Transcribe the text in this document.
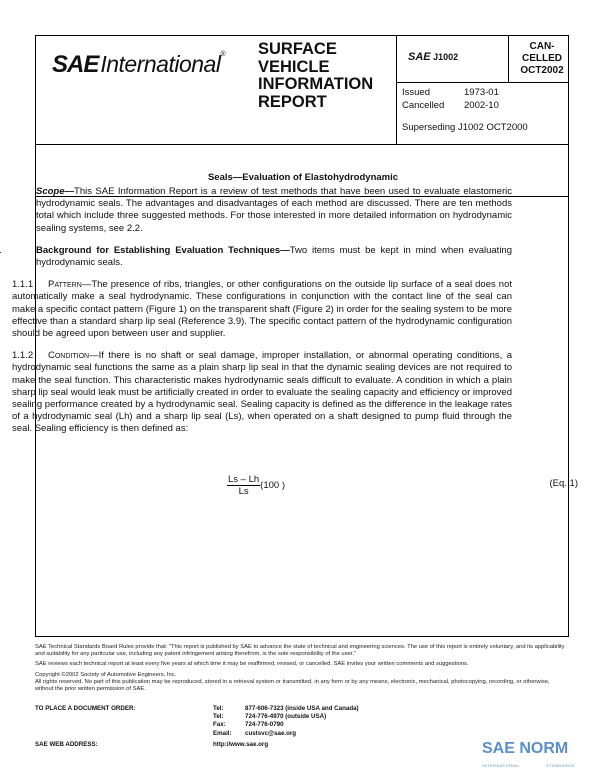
SAEInternational® SURFACE
VEHICLE
INFORMATION
REPORT
SAE J1002
CAN-
CELLED
OCT2002
Issued	1973-01
Cancelled 2002-10
Superseding J1002 OCT2000
Seals—Evaluation of Elastohydrodynamic

Scope—This SAE Information Report is a review of test methods that have been used to evaluate elastomeric hydrodynamic seals. The advantages and disadvantages of each method are discussed. There are ten methods total which include three suggested methods. For those interested in more detailed information on hydrodynamic sealing systems, see 2.2.

Background for Establishing Evaluation Techniques—Two items must be kept in mind when evaluating hydrodynamic seals.

1.1.1 Pattern—The presence of ribs, triangles, or other configurations on the outside lip surface of a seal does not automatically make a seal hydrodynamic. These configurations in conjunction with the contact line of the seal can make a specific contact pattern (Figure 1) on the transparent shaft (Figure 2) in order for the sealing system to be more effective than a standard sharp lip seal (Reference 3.9). The specific contact pattern of the hydrodynamic configuration should be agreed upon between user and supplier.

1.1.2 Condition—If there is no shaft or seal damage, improper installation, or abnormal operating conditions, a hydrodynamic seal functions the same as a plain sharp lip seal in that the dynamic sealing devices are not required to make the seal function. This characteristic makes hydrodynamic seals difficult to evaluate. A condition in which a plain sharp lip seal would leak must be artificially created in order to evaluate the sealing capacity and efficiency or improved sealing performance created by a hydrodynamic seal. Sealing capacity is defined as the difference in the leakage rates of a hydrodynamic seal (Lh) and a sharp lip seal (Ls), when operated on a shaft designed to pump fluid through the seal. Sealing efficiency is then defined as:

$\frac{Ls - Lh}{Ls} (100$ )	(Eq. 1)

SAE Technical Standards Board Rules provide that: "This report is published by SAE to advance the state of technical and engineering sciences. The use of this report is entirely voluntary, and its applicability and suitability for any particular use, including any patent infringement arising therefrom, is the sole responsibility of the user."

SAE reviews each technical report at least every five years at which time it may be reaffirmed, revised, or cancelled. SAE invites your written comments and suggestions.

Copyright ©2002 Society of Automotive Engineers, Inc.

All rights reserved. No part of this publication may be reproduced, stored in a retrieval system or transmitted, in any form or by any means, electronic, mechanical, photocopying, recording, or otherwise, without the prior written permission of SAE.

TO PLACE A DOCUMENT ORDER:	Tel:	877-606-7323 (inside USA and Canada)
Tel:	724-776-4970 (outside USA)
Fax:	724-776-0790
Email: custsvc@sae.org
SAE WEB ADDRESS:	http://www.sae.org	SAE NORM
INTERNATIONAL	STANDARDS
